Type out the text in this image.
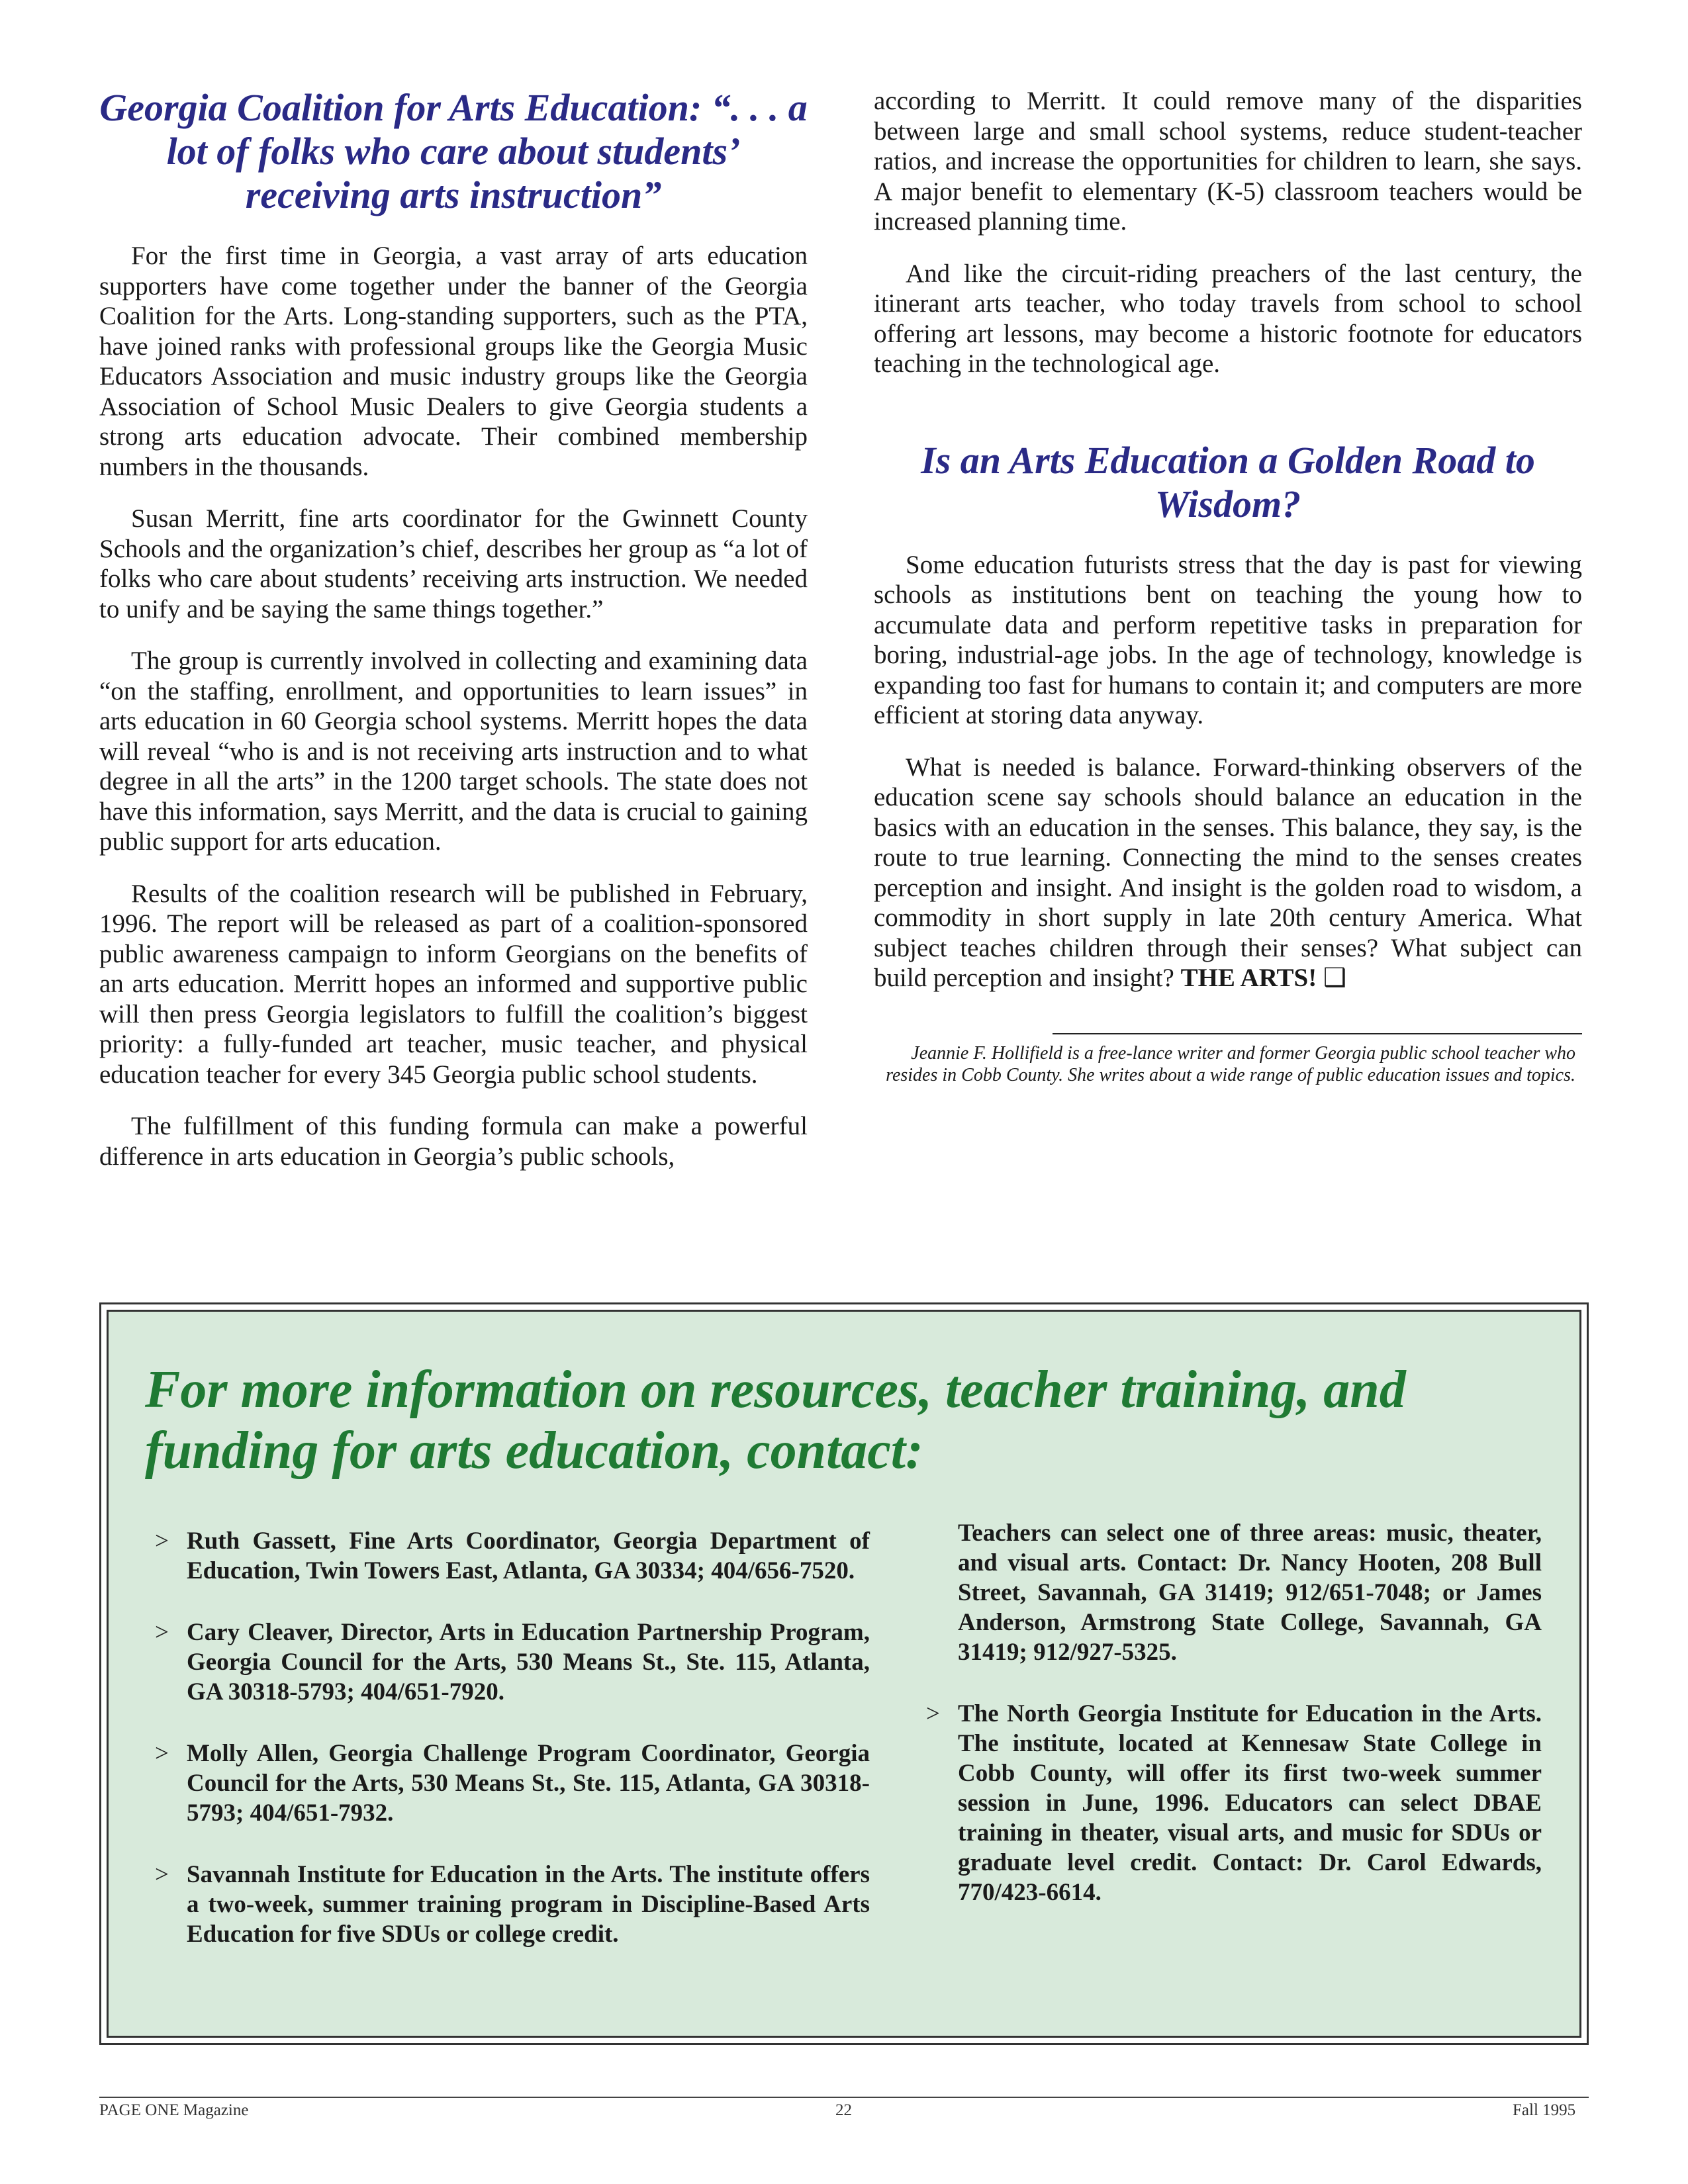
Georgia Coalition for Arts Education: “. . . a lot of folks who care about students’ receiving arts instruction”

For the first time in Georgia, a vast array of arts education supporters have come together under the banner of the Georgia Coalition for the Arts. Long-standing supporters, such as the PTA, have joined ranks with professional groups like the Georgia Music Educators Association and music industry groups like the Georgia Association of School Music Dealers to give Georgia students a strong arts education advocate. Their combined membership numbers in the thousands.

Susan Merritt, fine arts coordinator for the Gwinnett County Schools and the organization’s chief, describes her group as “a lot of folks who care about students’ receiving arts instruction. We needed to unify and be saying the same things together.”

The group is currently involved in collecting and examining data “on the staffing, enrollment, and opportunities to learn issues” in arts education in 60 Georgia school systems. Merritt hopes the data will reveal “who is and is not receiving arts instruction and to what degree in all the arts” in the 1200 target schools. The state does not have this information, says Merritt, and the data is crucial to gaining public support for arts education.

Results of the coalition research will be published in February, 1996. The report will be released as part of a coalition-sponsored public awareness campaign to inform Georgians on the benefits of an arts education. Merritt hopes an informed and supportive public will then press Georgia legislators to fulfill the coalition’s biggest priority: a fully-funded art teacher, music teacher, and physical education teacher for every 345 Georgia public school students.

The fulfillment of this funding formula can make a powerful difference in arts education in Georgia’s public schools,

according to Merritt. It could remove many of the disparities between large and small school systems, reduce student-teacher ratios, and increase the opportunities for children to learn, she says. A major benefit to elementary (K-5) classroom teachers would be increased planning time.

And like the circuit-riding preachers of the last century, the itinerant arts teacher, who today travels from school to school offering art lessons, may become a historic footnote for educators teaching in the technological age.

Is an Arts Education a Golden Road to Wisdom?

Some education futurists stress that the day is past for viewing schools as institutions bent on teaching the young how to accumulate data and perform repetitive tasks in preparation for boring, industrial-age jobs. In the age of technology, knowledge is expanding too fast for humans to contain it; and computers are more efficient at storing data anyway.

What is needed is balance. Forward-thinking observers of the education scene say schools should balance an education in the basics with an education in the senses. This balance, they say, is the route to true learning. Connecting the mind to the senses creates perception and insight. And insight is the golden road to wisdom, a commodity in short supply in late 20th century America. What subject teaches children through their senses? What subject can build perception and insight? THE ARTS! ❑

Jeannie F. Hollifield is a free-lance writer and former Georgia public school teacher who resides in Cobb County. She writes about a wide range of public education issues and topics.

For more information on resources, teacher training, and funding for arts education, contact:
> Ruth Gassett, Fine Arts Coordinator, Georgia Department of Education, Twin Towers East, Atlanta, GA 30334; 404/656-7520.
> Cary Cleaver, Director, Arts in Education Partnership Program, Georgia Council for the Arts, 530 Means St., Ste. 115, Atlanta, GA 30318-5793; 404/651-7920.
> Molly Allen, Georgia Challenge Program Coordinator, Georgia Council for the Arts, 530 Means St., Ste. 115, Atlanta, GA 30318-5793; 404/651-7932.
> Savannah Institute for Education in the Arts. The institute offers a two-week, summer training program in Discipline-Based Arts Education for five SDUs or college credit.
Teachers can select one of three areas: music, theater, and visual arts. Contact: Dr. Nancy Hooten, 208 Bull Street, Savannah, GA 31419; 912/651-7048; or James Anderson, Armstrong State College, Savannah, GA 31419; 912/927-5325.
> The North Georgia Institute for Education in the Arts. The institute, located at Kennesaw State College in Cobb County, will offer its first two-week summer session in June, 1996. Educators can select DBAE training in theater, visual arts, and music for SDUs or graduate level credit. Contact: Dr. Carol Edwards, 770/423-6614.
PAGE ONE Magazine	22	Fall 1995
